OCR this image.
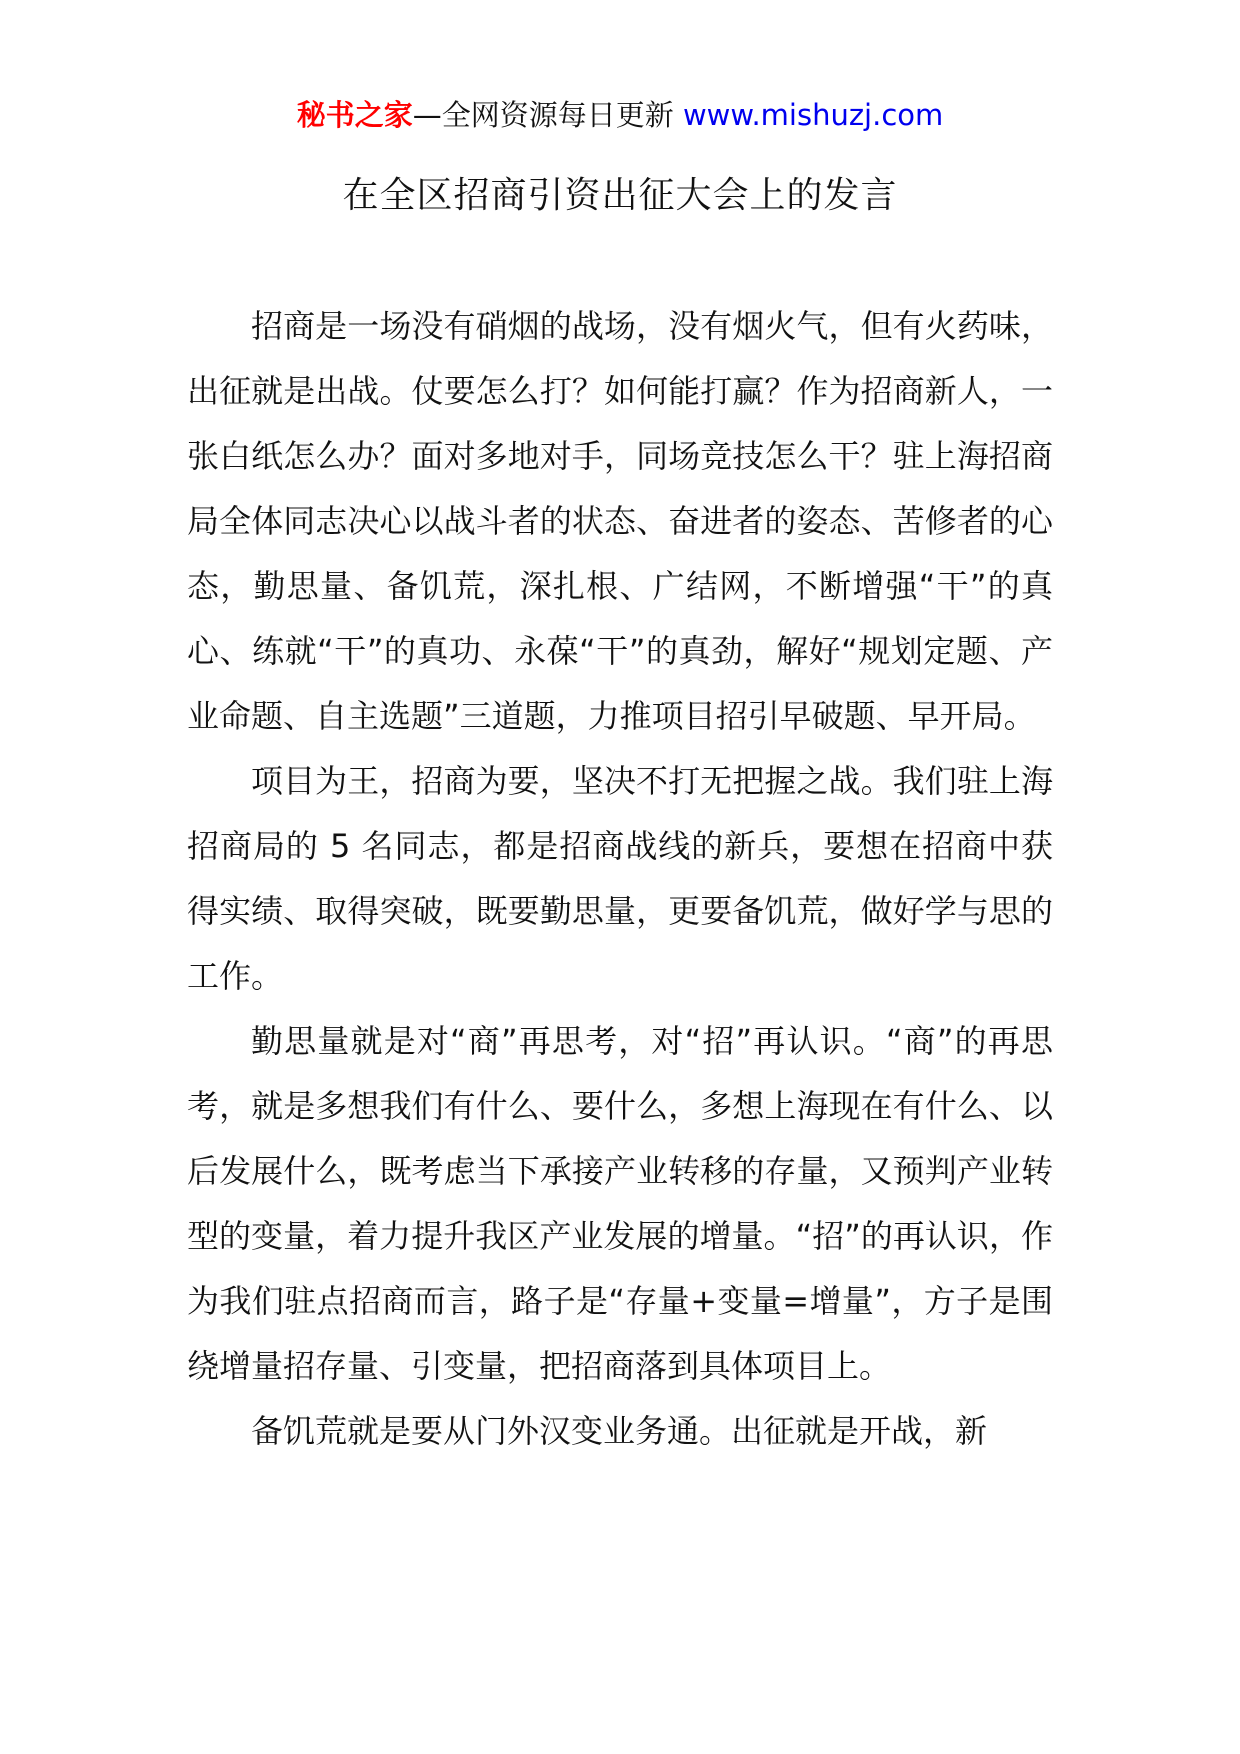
秘书之家—全网资源每日更新 www.mishuzj.com
在全区招商引资出征大会上的发言

招商是一场没有硝烟的战场，没有烟火气，但有火药味，出征就是出战。仗要怎么打？如何能打赢？作为招商新人，一张白纸怎么办？面对多地对手，同场竞技怎么干？驻上海招商局全体同志决心以战斗者的状态、奋进者的姿态、苦修者的心态，勤思量、备饥荒，深扎根、广结网，不断增强“干”的真心、练就“干”的真功、永葆“干”的真劲，解好“规划定题、产业命题、自主选题”三道题，力推项目招引早破题、早开局。

项目为王，招商为要，坚决不打无把握之战。我们驻上海招商局的 5 名同志，都是招商战线的新兵，要想在招商中获得实绩、取得突破，既要勤思量，更要备饥荒，做好学与思的工作。

勤思量就是对“商”再思考，对“招”再认识。“商”的再思考，就是多想我们有什么、要什么，多想上海现在有什么、以后发展什么，既考虑当下承接产业转移的存量，又预判产业转型的变量，着力提升我区产业发展的增量。“招”的再认识，作为我们驻点招商而言，路子是“存量+变量=增量”，方子是围绕增量招存量、引变量，把招商落到具体项目上。

备饥荒就是要从门外汉变业务通。出征就是开战，新
